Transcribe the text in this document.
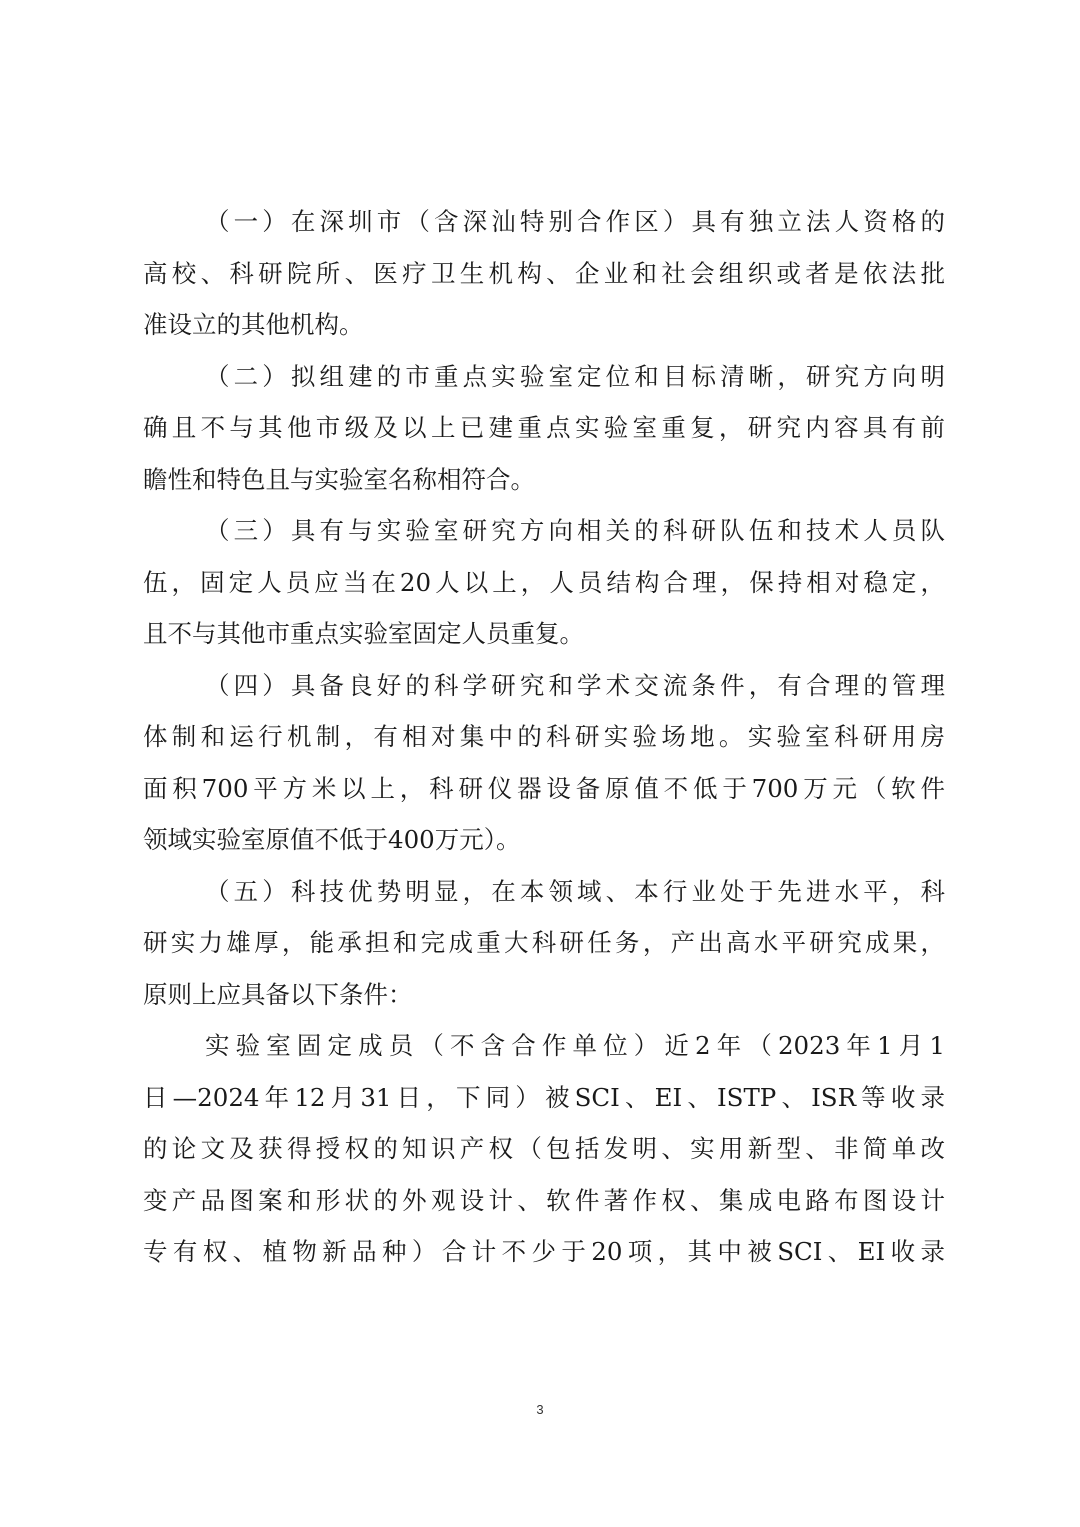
（一）在深圳市（含深汕特别合作区）具有独立法人资格的
高校、科研院所、医疗卫生机构、企业和社会组织或者是依法批
准设立的其他机构。
（二）拟组建的市重点实验室定位和目标清晰，研究方向明
确且不与其他市级及以上已建重点实验室重复，研究内容具有前
瞻性和特色且与实验室名称相符合。
（三）具有与实验室研究方向相关的科研队伍和技术人员队
伍，固定人员应当在20人以上，人员结构合理，保持相对稳定，
且不与其他市重点实验室固定人员重复。
（四）具备良好的科学研究和学术交流条件，有合理的管理
体制和运行机制，有相对集中的科研实验场地。实验室科研用房
面积700平方米以上，科研仪器设备原值不低于700万元（软件
领域实验室原值不低于400万元）。
（五）科技优势明显，在本领域、本行业处于先进水平，科
研实力雄厚，能承担和完成重大科研任务，产出高水平研究成果，
原则上应具备以下条件：
实验室固定成员（不含合作单位）近2年（2023年1月1
日—2024年12月31日，下同）被SCI、EI、ISTP、ISR等收录
的论文及获得授权的知识产权（包括发明、实用新型、非简单改
变产品图案和形状的外观设计、软件著作权、集成电路布图设计
专有权、植物新品种）合计不少于20项，其中被SCI、EI收录
3
